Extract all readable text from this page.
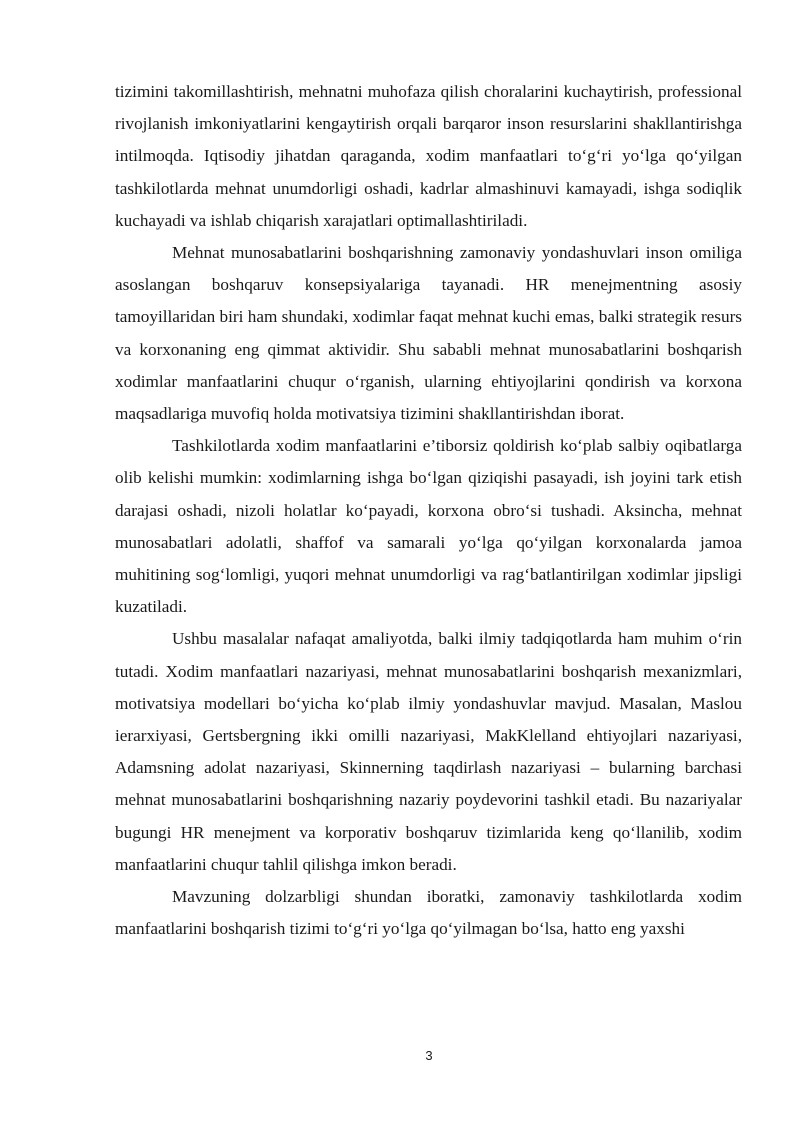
tizimini takomillashtirish, mehnatni muhofaza qilish choralarini kuchaytirish, professional rivojlanish imkoniyatlarini kengaytirish orqali barqaror inson resurslarini shakllantirishga intilmoqda. Iqtisodiy jihatdan qaraganda, xodim manfaatlari to‘g‘ri yo‘lga qo‘yilgan tashkilotlarda mehnat unumdorligi oshadi, kadrlar almashinuvi kamayadi, ishga sodiqlik kuchayadi va ishlab chiqarish xarajatlari optimallashtiriladi.

Mehnat munosabatlarini boshqarishning zamonaviy yondashuvlari inson omiliga asoslangan boshqaruv konsepsiyalariga tayanadi. HR menejmentning asosiy tamoyillaridan biri ham shundaki, xodimlar faqat mehnat kuchi emas, balki strategik resurs va korxonaning eng qimmat aktividir. Shu sababli mehnat munosabatlarini boshqarish xodimlar manfaatlarini chuqur o‘rganish, ularning ehtiyojlarini qondirish va korxona maqsadlariga muvofiq holda motivatsiya tizimini shakllantirishdan iborat.

Tashkilotlarda xodim manfaatlarini e’tiborsiz qoldirish ko‘plab salbiy oqibatlarga olib kelishi mumkin: xodimlarning ishga bo‘lgan qiziqishi pasayadi, ish joyini tark etish darajasi oshadi, nizoli holatlar ko‘payadi, korxona obro‘si tushadi. Aksincha, mehnat munosabatlari adolatli, shaffof va samarali yo‘lga qo‘yilgan korxonalarda jamoa muhitining sog‘lomligi, yuqori mehnat unumdorligi va rag‘batlantirilgan xodimlar jipsligi kuzatiladi.

Ushbu masalalar nafaqat amaliyotda, balki ilmiy tadqiqotlarda ham muhim o‘rin tutadi. Xodim manfaatlari nazariyasi, mehnat munosabatlarini boshqarish mexanizmlari, motivatsiya modellari bo‘yicha ko‘plab ilmiy yondashuvlar mavjud. Masalan, Maslou ierarxiyasi, Gertsbergning ikki omilli nazariyasi, MakKlelland ehtiyojlari nazariyasi, Adamsning adolat nazariyasi, Skinnerning taqdirlash nazariyasi – bularning barchasi mehnat munosabatlarini boshqarishning nazariy poydevorini tashkil etadi. Bu nazariyalar bugungi HR menejment va korporativ boshqaruv tizimlarida keng qo‘llanilib, xodim manfaatlarini chuqur tahlil qilishga imkon beradi.

Mavzuning dolzarbligi shundan iboratki, zamonaviy tashkilotlarda xodim manfaatlarini boshqarish tizimi to‘g‘ri yo‘lga qo‘yilmagan bo‘lsa, hatto eng yaxshi

3
